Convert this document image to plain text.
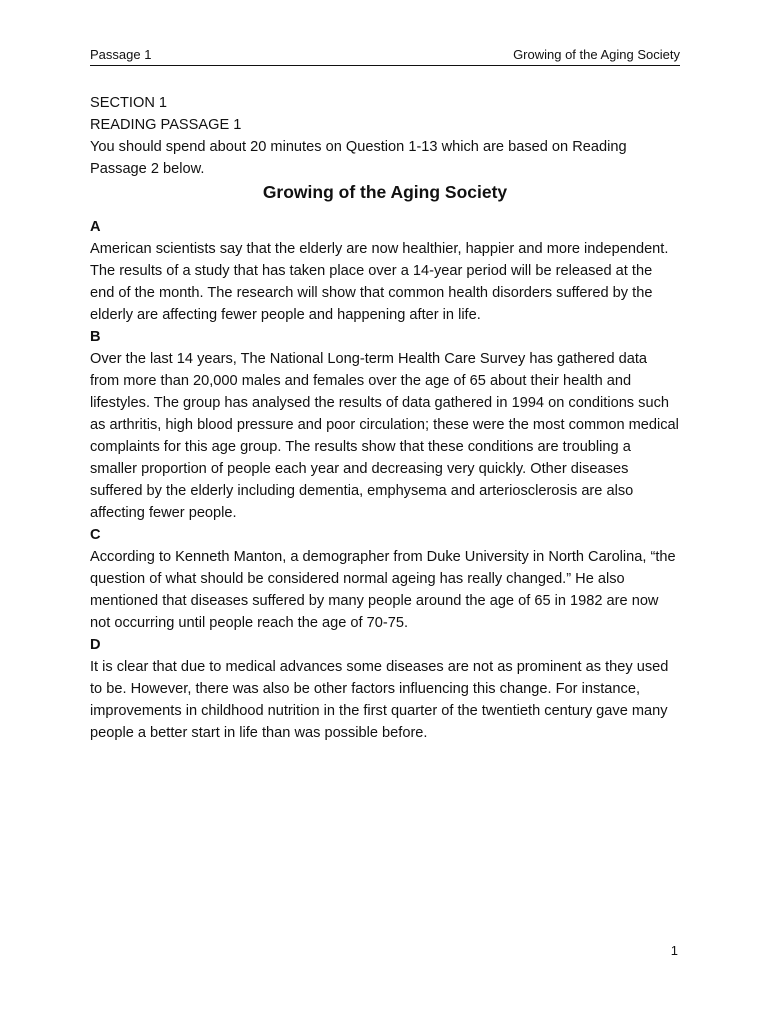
Passage 1	Growing of the Aging Society

SECTION 1

READING PASSAGE 1

You should spend about 20 minutes on Question 1-13 which are based on Reading Passage 2 below.

Growing of the Aging Society

A

American scientists say that the elderly are now healthier, happier and more independent. The results of a study that has taken place over a 14-year period will be released at the end of the month. The research will show that common health disorders suffered by the elderly are affecting fewer people and happening after in life.

B

Over the last 14 years, The National Long-term Health Care Survey has gathered data from more than 20,000 males and females over the age of 65 about their health and lifestyles. The group has analysed the results of data gathered in 1994 on conditions such as arthritis, high blood pressure and poor circulation; these were the most common medical complaints for this age group. The results show that these conditions are troubling a smaller proportion of people each year and decreasing very quickly. Other diseases suffered by the elderly including dementia, emphysema and arteriosclerosis are also affecting fewer people.

C

According to Kenneth Manton, a demographer from Duke University in North Carolina, “the question of what should be considered normal ageing has really changed.” He also mentioned that diseases suffered by many people around the age of 65 in 1982 are now not occurring until people reach the age of 70-75.

D

It is clear that due to medical advances some diseases are not as prominent as they used to be. However, there was also be other factors influencing this change. For instance, improvements in childhood nutrition in the first quarter of the twentieth century gave many people a better start in life than was possible before.

1
